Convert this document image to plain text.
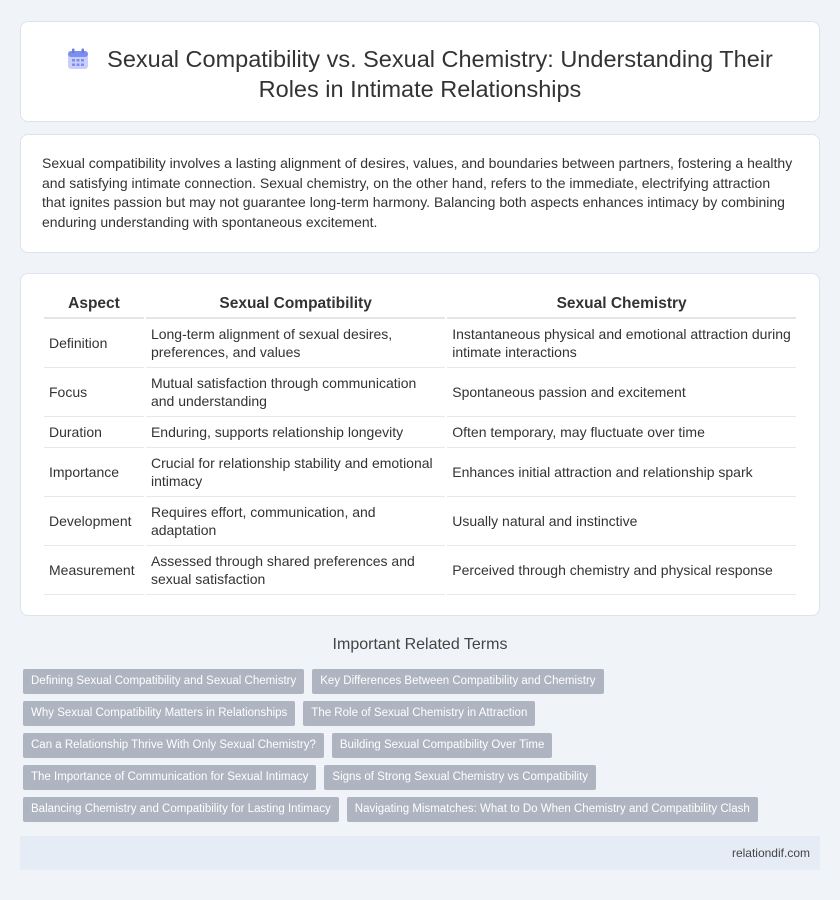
Sexual Compatibility vs. Sexual Chemistry: Understanding Their Roles in Intimate Relationships

Sexual compatibility involves a lasting alignment of desires, values, and boundaries between partners, fostering a healthy and satisfying intimate connection. Sexual chemistry, on the other hand, refers to the immediate, electrifying attraction that ignites passion but may not guarantee long-term harmony. Balancing both aspects enhances intimacy by combining enduring understanding with spontaneous excitement.

Aspect	Sexual Compatibility	Sexual Chemistry
Definition	Long-term alignment of sexual desires, preferences, and values	Instantaneous physical and emotional attraction during intimate interactions
Focus	Mutual satisfaction through communication and understanding	Spontaneous passion and excitement
Duration	Enduring, supports relationship longevity	Often temporary, may fluctuate over time
Importance	Crucial for relationship stability and emotional intimacy	Enhances initial attraction and relationship spark
Development	Requires effort, communication, and adaptation	Usually natural and instinctive
Measurement	Assessed through shared preferences and sexual satisfaction	Perceived through chemistry and physical response
Important Related Terms
Defining Sexual Compatibility and Sexual Chemistry	Key Differences Between Compatibility and Chemistry
Why Sexual Compatibility Matters in Relationships	The Role of Sexual Chemistry in Attraction
Can a Relationship Thrive With Only Sexual Chemistry?	Building Sexual Compatibility Over Time
The Importance of Communication for Sexual Intimacy	Signs of Strong Sexual Chemistry vs Compatibility
Balancing Chemistry and Compatibility for Lasting Intimacy	Navigating Mismatches: What to Do When Chemistry and Compatibility Clash
relationdif.com
